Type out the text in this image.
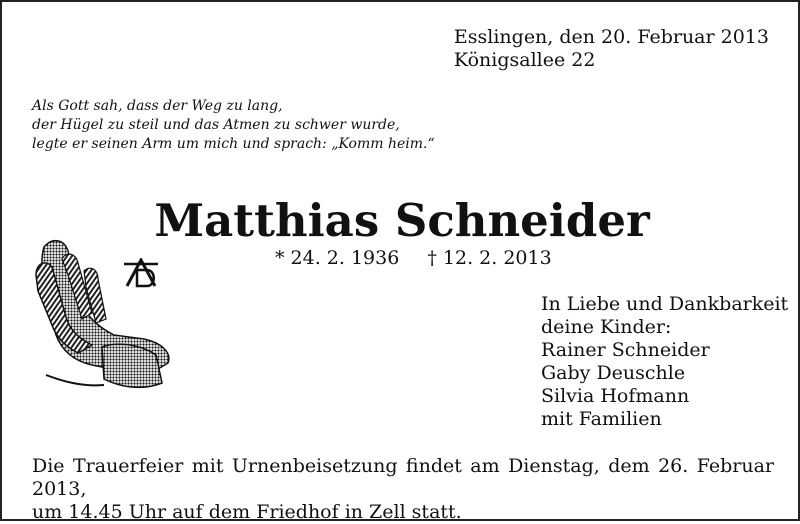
Esslingen, den 20. Februar 2013
Königsallee 22
Als Gott sah, dass der Weg zu lang,
der Hügel zu steil und das Atmen zu schwer wurde,
legte er seinen Arm um mich und sprach: „Komm heim.“
Matthias Schneider
* 24. 2. 1936 † 12. 2. 2013
In Liebe und Dankbarkeit
deine Kinder:
Rainer Schneider
Gaby Deuschle
Silvia Hofmann
mit Familien
Die Trauerfeier mit Urnenbeisetzung findet am Dienstag, dem 26. Februar 2013,
um 14.45 Uhr auf dem Friedhof in Zell statt.
